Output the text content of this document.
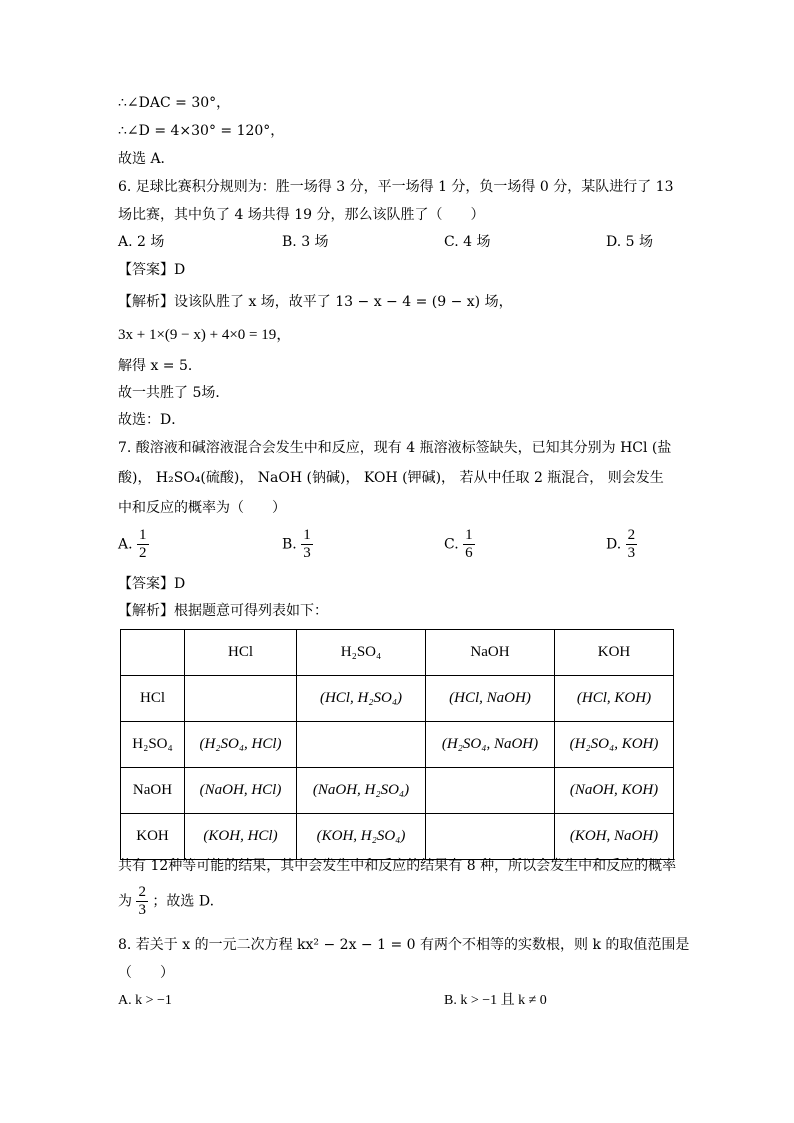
∴∠DAC = 30°，
∴∠D = 4×30° = 120°，
故选 A．
6. 足球比赛积分规则为：胜一场得 3 分，平一场得 1 分，负一场得 0 分，某队进行了 13
场比赛，其中负了 4 场共得 19 分，那么该队胜了（　　）
A. 2 场	B. 3 场	C. 4 场	D. 5 场
【答案】D
【解析】设该队胜了 x 场，故平了 13 − x − 4 = (9 − x) 场，
3x + 1×(9 − x) + 4×0 = 19，
解得 x = 5．
故一共胜了 5场．
故选：D．
7. 酸溶液和碱溶液混合会发生中和反应，现有 4 瓶溶液标签缺失，已知其分别为 HCl (盐
酸)， H₂SO₄(硫酸)， NaOH (钠碱)， KOH (钾碱)， 若从中任取 2 瓶混合， 则会发生
中和反应的概率为（　　）
A. $\frac{1}{2}$	B. $\frac{1}{3}$	C. $\frac{1}{6}$	D. $\frac{2}{3}$
【答案】D
【解析】根据题意可得列表如下：
	HCl	H₂SO₄	NaOH	KOH
HCl		(HCl, H₂SO₄)	(HCl, NaOH)	(HCl, KOH)
H₂SO₄	(H₂SO₄, HCl)		(H₂SO₄, NaOH)	(H₂SO₄, KOH)
NaOH	(NaOH, HCl)	(NaOH, H₂SO₄)		(NaOH, KOH)
KOH	(KOH, HCl)	(KOH, H₂SO₄)		(KOH, NaOH)
共有 12种等可能的结果，其中会发生中和反应的结果有 8 种，所以会发生中和反应的概率
为 $\frac{2}{3}$ ；故选 D.
8. 若关于 x 的一元二次方程 kx² − 2x − 1 = 0 有两个不相等的实数根，则 k 的取值范围是
（　　）
A. k > −1	B. k > −1 且 k ≠ 0
